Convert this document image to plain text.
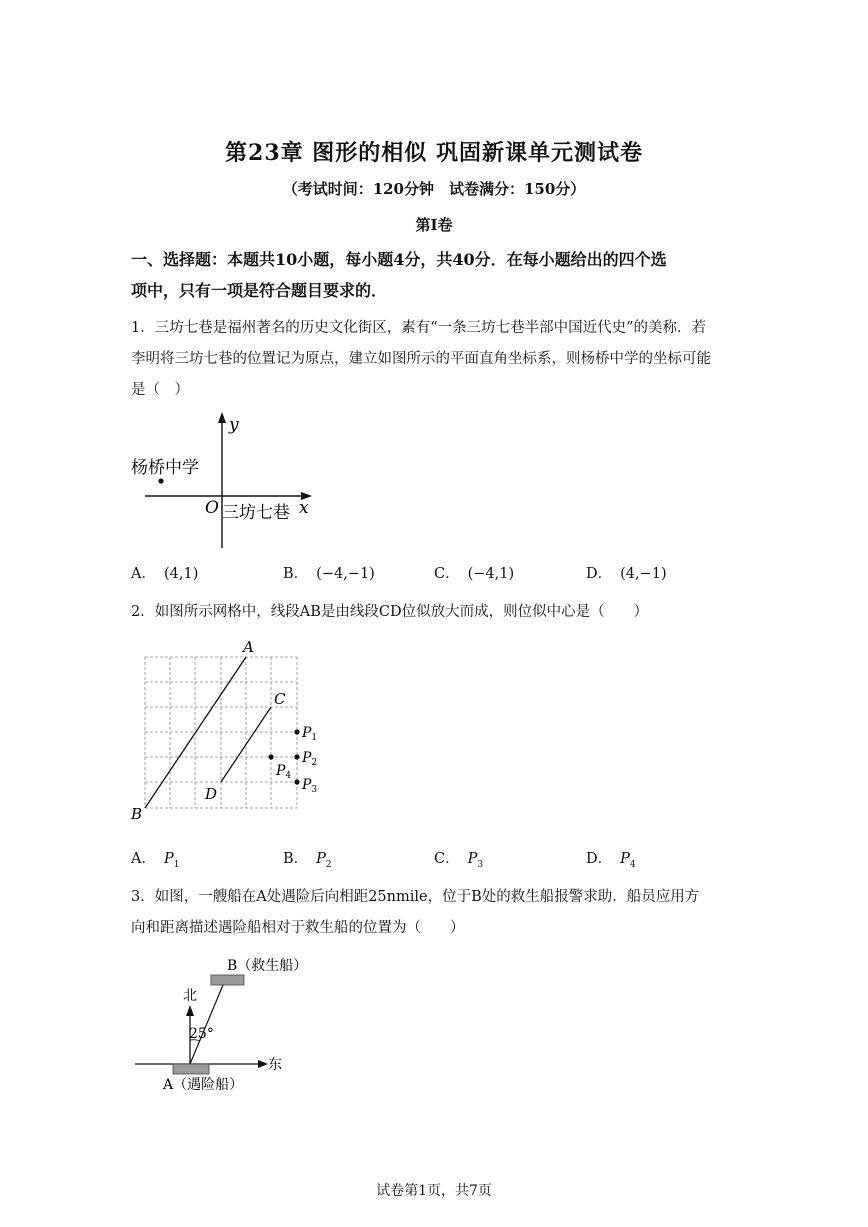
第23章 图形的相似 巩固新课单元测试卷
（考试时间：120分钟　试卷满分：150分）
第I卷
一、选择题：本题共10小题，每小题4分，共40分．在每小题给出的四个选
项中，只有一项是符合题目要求的．
1．三坊七巷是福州著名的历史文化街区，素有“一条三坊七巷半部中国近代史”的美称．若
李明将三坊七巷的位置记为原点，建立如图所示的平面直角坐标系，则杨桥中学的坐标可能
是（　）
y
x
O 三坊七巷
杨桥中学
A． (4,1)	B． (−4,−1)	C． (−4,1)	D． (4,−1)
2．如图所示网格中，线段AB是由线段CD位似放大而成，则位似中心是（　　）
A
B
C
D
$P_1$
$P_2$
$P_3$
$P_4$
A． $P_1$	B． $P_2$	C． $P_3$	D． $P_4$
3．如图，一艘船在A处遇险后向相距25nmile，位于B处的救生船报警求助．船员应用方
向和距离描述遇险船相对于救生船的位置为（　　）
B（救生船）
东
北
25°
A（遇险船）
试卷第1页，共7页
